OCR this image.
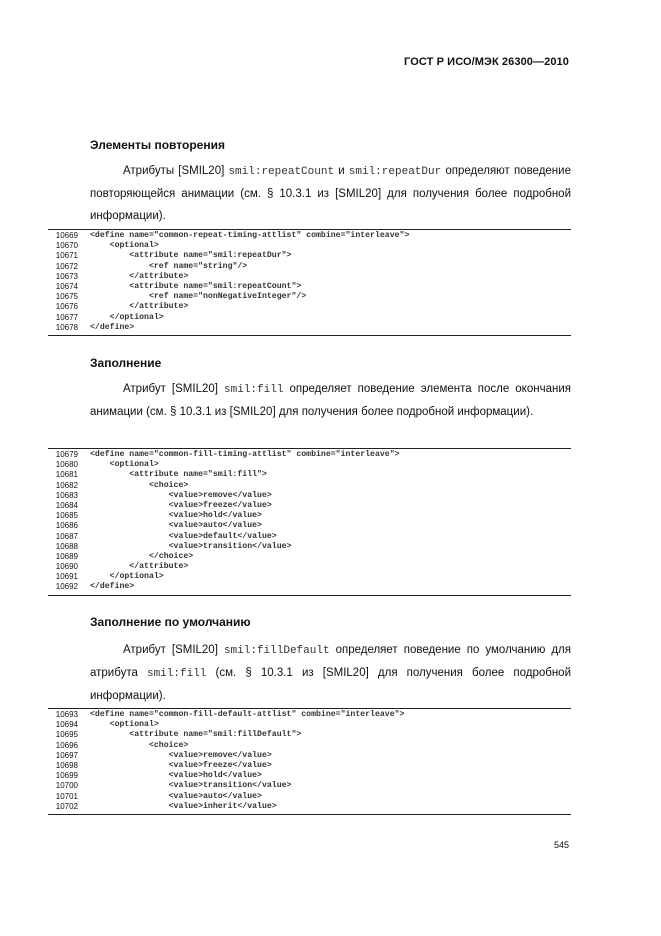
ГОСТ Р ИСО/МЭК 26300—2010
Элементы повторения

Атрибуты [SMIL20] smil:repeatCount и smil:repeatDur определяют поведение повторяющейся анимации (см. § 10.3.1 из [SMIL20] для получения более подробной информации).

10669 <define name="common-repeat-timing-attlist" combine="interleave">
10670 <optional>
10671 <attribute name="smil:repeatDur">
10672 <ref name="string"/>
10673 </attribute>
10674 <attribute name="smil:repeatCount">
10675 <ref name="nonNegativeInteger"/>
10676 </attribute>
10677 </optional>
10678 </define>
Заполнение

Атрибут [SMIL20] smil:fill определяет поведение элемента после окончания анимации (см. § 10.3.1 из [SMIL20] для получения более подробной информации).

10679 <define name="common-fill-timing-attlist" combine="interleave">
10680 <optional>
10681 <attribute name="smil:fill">
10682 <choice>
10683 <value>remove</value>
10684 <value>freeze</value>
10685 <value>hold</value>
10686 <value>auto</value>
10687 <value>default</value>
10688 <value>transition</value>
10689 </choice>
10690 </attribute>
10691 </optional>
10692 </define>
Заполнение по умолчанию

Атрибут [SMIL20] smil:fillDefault определяет поведение по умолчанию для атрибута smil:fill (см. § 10.3.1 из [SMIL20] для получения более подробной информации).

10693 <define name="common-fill-default-attlist" combine="interleave">
10694 <optional>
10695 <attribute name="smil:fillDefault">
10696 <choice>
10697 <value>remove</value>
10698 <value>freeze</value>
10699 <value>hold</value>
10700 <value>transition</value>
10701 <value>auto</value>
10702 <value>inherit</value>
545
